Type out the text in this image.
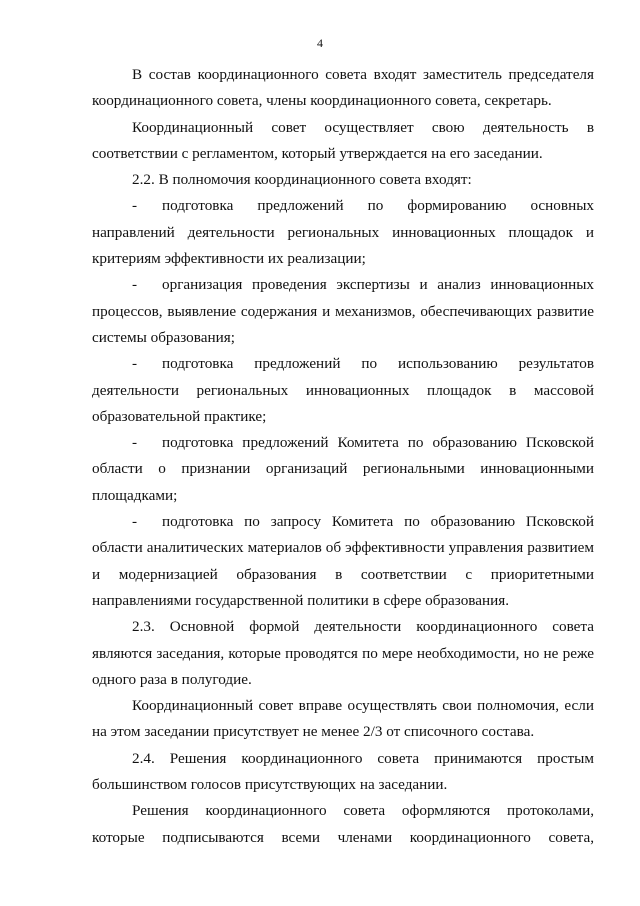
4

В состав координационного совета входят заместитель председателя координационного совета, члены координационного совета, секретарь.

Координационный совет осуществляет свою деятельность в соответствии с регламентом, который утверждается на его заседании.

2.2. В полномочия координационного совета входят:

- подготовка предложений по формированию основных направлений деятельности региональных инновационных площадок и критериям эффективности их реализации;

- организация проведения экспертизы и анализ инновационных процессов, выявление содержания и механизмов, обеспечивающих развитие системы образования;

- подготовка предложений по использованию результатов деятельности региональных инновационных площадок в массовой образовательной практике;

- подготовка предложений Комитета по образованию Псковской области о признании организаций региональными инновационными площадками;

- подготовка по запросу Комитета по образованию Псковской области аналитических материалов об эффективности управления развитием и модернизацией образования в соответствии с приоритетными направлениями государственной политики в сфере образования.

2.3. Основной формой деятельности координационного совета являются заседания, которые проводятся по мере необходимости, но не реже одного раза в полугодие.

Координационный совет вправе осуществлять свои полномочия, если на этом заседании присутствует не менее 2/3 от списочного состава.

2.4. Решения координационного совета принимаются простым большинством голосов присутствующих на заседании.

Решения координационного совета оформляются протоколами, которые подписываются всеми членами координационного совета,
